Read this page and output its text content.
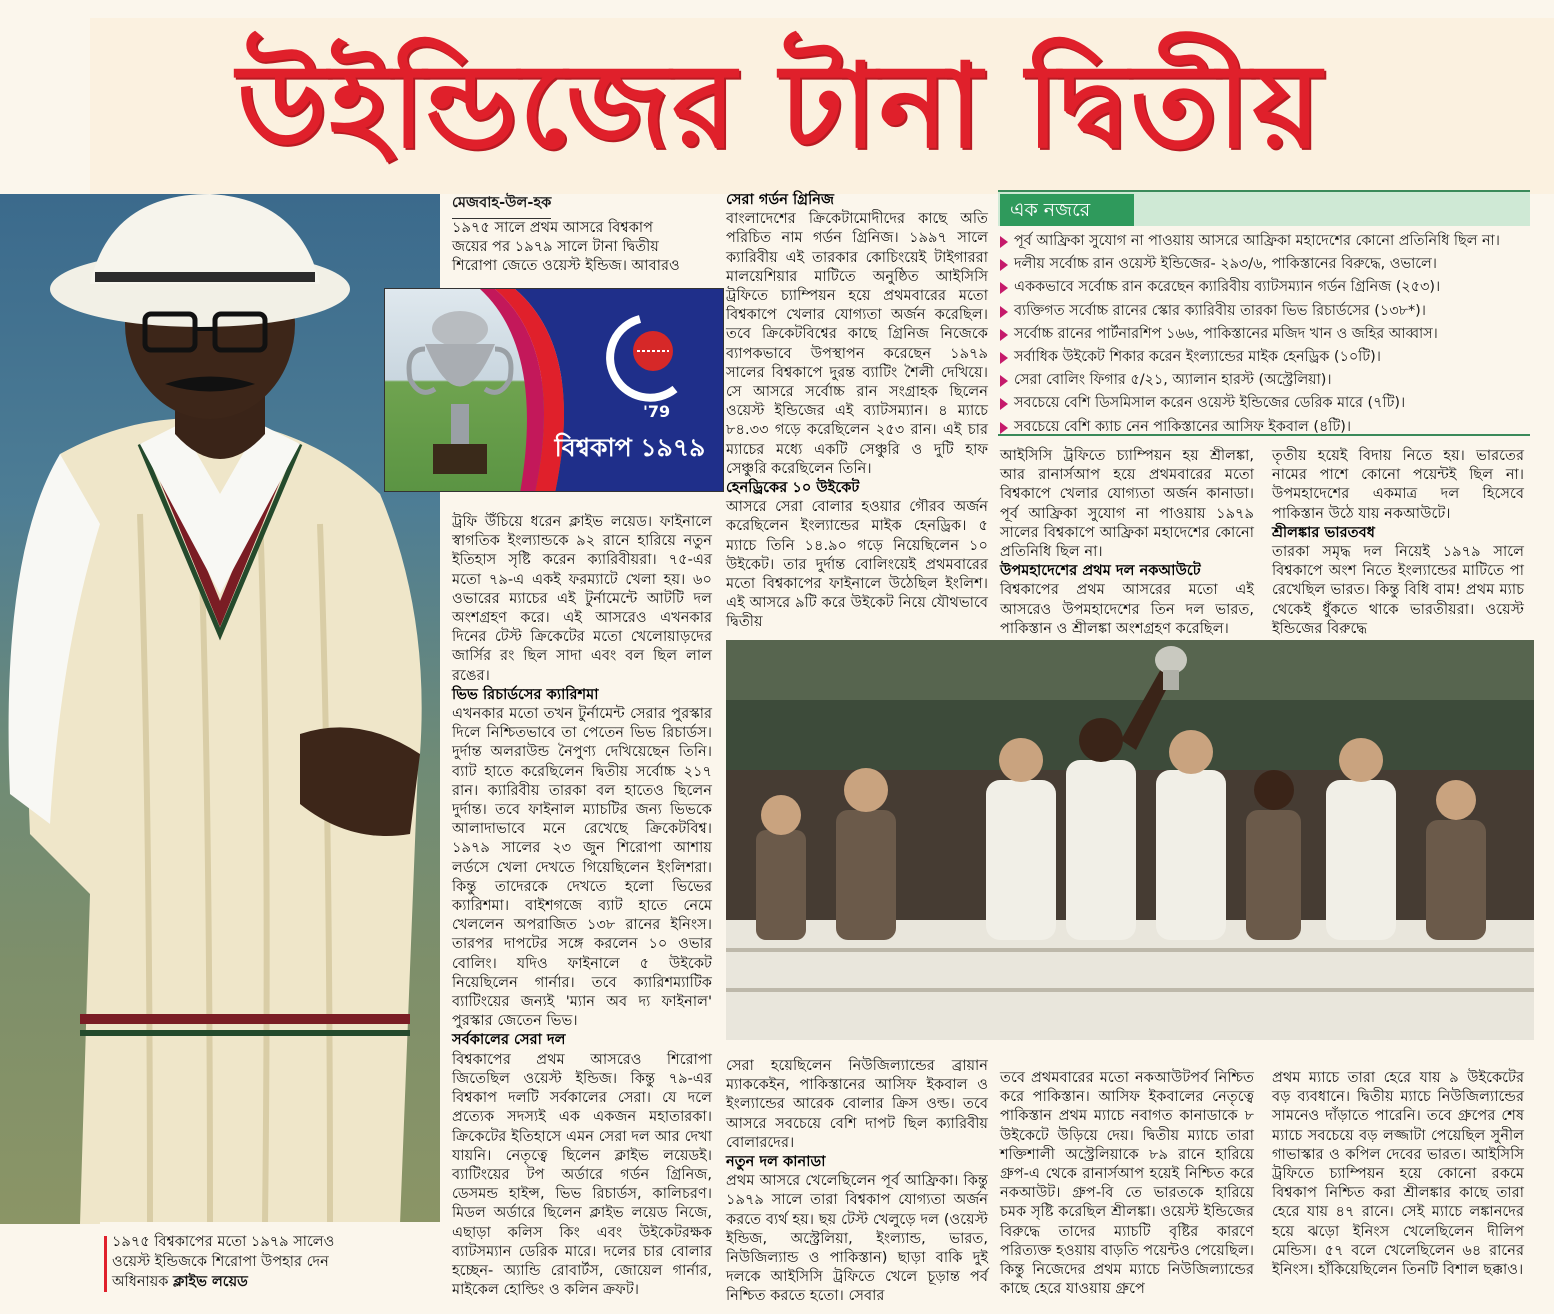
উইন্ডিজের টানা দ্বিতীয়
১৯৭৫ বিশ্বকাপের মতো ১৯৭৯ সালেও
ওয়েস্ট ইন্ডিজকে শিরোপা উপহার দেন
অধিনায়ক ক্লাইভ লয়েড
মেজবাহ-উল-হক

১৯৭৫ সালে প্রথম আসরে বিশ্বকাপ

জয়ের পর ১৯৭৯ সালে টানা দ্বিতীয়

শিরোপা জেতে ওয়েস্ট ইন্ডিজ। আবারও

'79
বিশ্বকাপ ১৯৭৯

ট্রফি উঁচিয়ে ধরেন ক্লাইভ লয়েড। ফাইনালে স্বাগতিক ইংল্যান্ডকে ৯২ রানে হারিয়ে নতুন ইতিহাস সৃষ্টি করেন ক্যারিবীয়রা। ৭৫-এর মতো ৭৯-এ একই ফরম্যাটে খেলা হয়। ৬০ ওভারের ম্যাচের এই টুর্নামেন্টে আটটি দল অংশগ্রহণ করে। এই আসরেও এখনকার দিনের টেস্ট ক্রিকেটের মতো খেলোয়াড়দের জার্সির রং ছিল সাদা এবং বল ছিল লাল রঙের।

ভিভ রিচার্ডসের ক্যারিশমা

এখনকার মতো তখন টুর্নামেন্ট সেরার পুরস্কার দিলে নিশ্চিতভাবে তা পেতেন ভিভ রিচার্ডস। দুর্দান্ত অলরাউন্ড নৈপুণ্য দেখিয়েছেন তিনি। ব্যাট হাতে করেছিলেন দ্বিতীয় সর্বোচ্চ ২১৭ রান। ক্যারিবীয় তারকা বল হাতেও ছিলেন দুর্দান্ত। তবে ফাইনাল ম্যাচটির জন্য ভিভকে আলাদাভাবে মনে রেখেছে ক্রিকেটবিশ্ব। ১৯৭৯ সালের ২৩ জুন শিরোপা আশায় লর্ডসে খেলা দেখতে গিয়েছিলেন ইংলিশরা। কিন্তু তাদেরকে দেখতে হলো ভিভের ক্যারিশমা। বাইশগজে ব্যাট হাতে নেমে খেললেন অপরাজিত ১৩৮ রানের ইনিংস। তারপর দাপটের সঙ্গে করলেন ১০ ওভার বোলিং। যদিও ফাইনালে ৫ উইকেট নিয়েছিলেন গার্নার। তবে ক্যারিশম্যাটিক ব্যাটিংয়ের জন্যই 'ম্যান অব দ্য ফাইনাল' পুরস্কার জেতেন ভিভ।

সর্বকালের সেরা দল

বিশ্বকাপের প্রথম আসরেও শিরোপা জিতেছিল ওয়েস্ট ইন্ডিজ। কিন্তু ৭৯-এর বিশ্বকাপ দলটি সর্বকালের সেরা। যে দলে প্রত্যেক সদস্যই এক একজন মহাতারকা। ক্রিকেটের ইতিহাসে এমন সেরা দল আর দেখা যায়নি। নেতৃত্বে ছিলেন ক্লাইভ লয়েডই। ব্যাটিংয়ের টপ অর্ডারে গর্ডন গ্রিনিজ, ডেসমন্ড হাইন্স, ভিভ রিচার্ডস, কালিচরণ। মিডল অর্ডারে ছিলেন ক্লাইভ লয়েড নিজে, এছাড়া কলিস কিং এবং উইকেটরক্ষক ব্যাটসম্যান ডেরিক মারে। দলের চার বোলার হচ্ছেন- অ্যান্ডি রোবার্টস, জোয়েল গার্নার, মাইকেল হোল্ডিং ও কলিন ক্রফট।

সেরা গর্ডন গ্রিনিজ

বাংলাদেশের ক্রিকেটামোদীদের কাছে অতি পরিচিত নাম গর্ডন গ্রিনিজ। ১৯৯৭ সালে ক্যারিবীয় এই তারকার কোচিংয়েই টাইগাররা মালয়েশিয়ার মাটিতে অনুষ্ঠিত আইসিসি ট্রফিতে চ্যাম্পিয়ন হয়ে প্রথমবারের মতো বিশ্বকাপে খেলার যোগ্যতা অর্জন করেছিল। তবে ক্রিকেটবিশ্বের কাছে গ্রিনিজ নিজেকে ব্যাপকভাবে উপস্থাপন করেছেন ১৯৭৯ সালের বিশ্বকাপে দুরন্ত ব্যাটিং শৈলী দেখিয়ে। সে আসরে সর্বোচ্চ রান সংগ্রাহক ছিলেন ওয়েস্ট ইন্ডিজের এই ব্যাটসম্যান। ৪ ম্যাচে ৮৪.৩৩ গড়ে করেছিলেন ২৫৩ রান। এই চার ম্যাচের মধ্যে একটি সেঞ্চুরি ও দুটি হাফ সেঞ্চুরি করেছিলেন তিনি।

হেনড্রিকের ১০ উইকেট

আসরে সেরা বোলার হওয়ার গৌরব অর্জন করেছিলেন ইংল্যান্ডের মাইক হেনড্রিক। ৫ ম্যাচে তিনি ১৪.৯০ গড়ে নিয়েছিলেন ১০ উইকেট। তার দুর্দান্ত বোলিংয়েই প্রথমবারের মতো বিশ্বকাপের ফাইনালে উঠেছিল ইংলিশ। এই আসরে ৯টি করে উইকেট নিয়ে যৌথভাবে দ্বিতীয়

এক নজরে
পূর্ব আফ্রিকা সুযোগ না পাওয়ায় আসরে আফ্রিকা মহাদেশের কোনো প্রতিনিধি ছিল না।
দলীয় সর্বোচ্চ রান ওয়েস্ট ইন্ডিজের- ২৯৩/৬, পাকিস্তানের বিরুদ্ধে, ওভালে।
এককভাবে সর্বোচ্চ রান করেছেন ক্যারিবীয় ব্যাটসম্যান গর্ডন গ্রিনিজ (২৫৩)।
ব্যক্তিগত সর্বোচ্চ রানের স্কোর ক্যারিবীয় তারকা ভিভ রিচার্ডসের (১৩৮*)।
সর্বোচ্চ রানের পার্টনারশিপ ১৬৬, পাকিস্তানের মজিদ খান ও জহির আব্বাস।
সর্বাধিক উইকেট শিকার করেন ইংল্যান্ডের মাইক হেনড্রিক (১০টি)।
সেরা বোলিং ফিগার ৫/২১, অ্যালান হারস্ট (অস্ট্রেলিয়া)।
সবচেয়ে বেশি ডিসমিসাল করেন ওয়েস্ট ইন্ডিজের ডেরিক মারে (৭টি)।
সবচেয়ে বেশি ক্যাচ নেন পাকিস্তানের আসিফ ইকবাল (৪টি)।

আইসিসি ট্রফিতে চ্যাম্পিয়ন হয় শ্রীলঙ্কা, আর রানার্সআপ হয়ে প্রথমবারের মতো বিশ্বকাপে খেলার যোগ্যতা অর্জন কানাডা। পূর্ব আফ্রিকা সুযোগ না পাওয়ায় ১৯৭৯ সালের বিশ্বকাপে আফ্রিকা মহাদেশের কোনো প্রতিনিধি ছিল না।

উপমহাদেশের প্রথম দল নকআউটে

বিশ্বকাপের প্রথম আসরের মতো এই আসরেও উপমহাদেশের তিন দল ভারত, পাকিস্তান ও শ্রীলঙ্কা অংশগ্রহণ করেছিল।

তৃতীয় হয়েই বিদায় নিতে হয়। ভারতের নামের পাশে কোনো পয়েন্টই ছিল না। উপমহাদেশের একমাত্র দল হিসেবে পাকিস্তান উঠে যায় নকআউটে।

শ্রীলঙ্কার ভারতবধ

তারকা সমৃদ্ধ দল নিয়েই ১৯৭৯ সালে বিশ্বকাপে অংশ নিতে ইংল্যান্ডের মাটিতে পা রেখেছিল ভারত। কিন্তু বিধি বাম! প্রথম ম্যাচ থেকেই ধুঁকতে থাকে ভারতীয়রা। ওয়েস্ট ইন্ডিজের বিরুদ্ধে

সেরা হয়েছিলেন নিউজিল্যান্ডের ব্রায়ান ম্যাককেইন, পাকিস্তানের আসিফ ইকবাল ও ইংল্যান্ডের আরেক বোলার ক্রিস ওল্ড। তবে আসরে সবচেয়ে বেশি দাপট ছিল ক্যারিবীয় বোলারদের।

নতুন দল কানাডা

প্রথম আসরে খেলেছিলেন পূর্ব আফ্রিকা। কিন্তু ১৯৭৯ সালে তারা বিশ্বকাপ যোগ্যতা অর্জন করতে ব্যর্থ হয়। ছয় টেস্ট খেলুড়ে দল (ওয়েস্ট ইন্ডিজ, অস্ট্রেলিয়া, ইংল্যান্ড, ভারত, নিউজিল্যান্ড ও পাকিস্তান) ছাড়া বাকি দুই দলকে আইসিসি ট্রফিতে খেলে চূড়ান্ত পর্ব নিশ্চিত করতে হতো। সেবার

তবে প্রথমবারের মতো নকআউটপর্ব নিশ্চিত করে পাকিস্তান। আসিফ ইকবালের নেতৃত্বে পাকিস্তান প্রথম ম্যাচে নবাগত কানাডাকে ৮ উইকেটে উড়িয়ে দেয়। দ্বিতীয় ম্যাচে তারা শক্তিশালী অস্ট্রেলিয়াকে ৮৯ রানে হারিয়ে গ্রুপ-এ থেকে রানার্সআপ হয়েই নিশ্চিত করে নকআউট। গ্রুপ-বি তে ভারতকে হারিয়ে চমক সৃষ্টি করেছিল শ্রীলঙ্কা। ওয়েস্ট ইন্ডিজের বিরুদ্ধে তাদের ম্যাচটি বৃষ্টির কারণে পরিত্যক্ত হওয়ায় বাড়তি পয়েন্টও পেয়েছিল। কিন্তু নিজেদের প্রথম ম্যাচে নিউজিল্যান্ডের কাছে হেরে যাওয়ায় গ্রুপে

প্রথম ম্যাচে তারা হেরে যায় ৯ উইকেটের বড় ব্যবধানে। দ্বিতীয় ম্যাচে নিউজিল্যান্ডের সামনেও দাঁড়াতে পারেনি। তবে গ্রুপের শেষ ম্যাচে সবচেয়ে বড় লজ্জাটা পেয়েছিল সুনীল গাভাস্কার ও কপিল দেবের ভারত। আইসিসি ট্রফিতে চ্যাম্পিয়ন হয়ে কোনো রকমে বিশ্বকাপ নিশ্চিত করা শ্রীলঙ্কার কাছে তারা হেরে যায় ৪৭ রানে। সেই ম্যাচে লঙ্কানদের হয়ে ঝড়ো ইনিংস খেলেছিলেন দীলিপ মেন্ডিস। ৫৭ বলে খেলেছিলেন ৬৪ রানের ইনিংস। হাঁকিয়েছিলেন তিনটি বিশাল ছক্কাও।
